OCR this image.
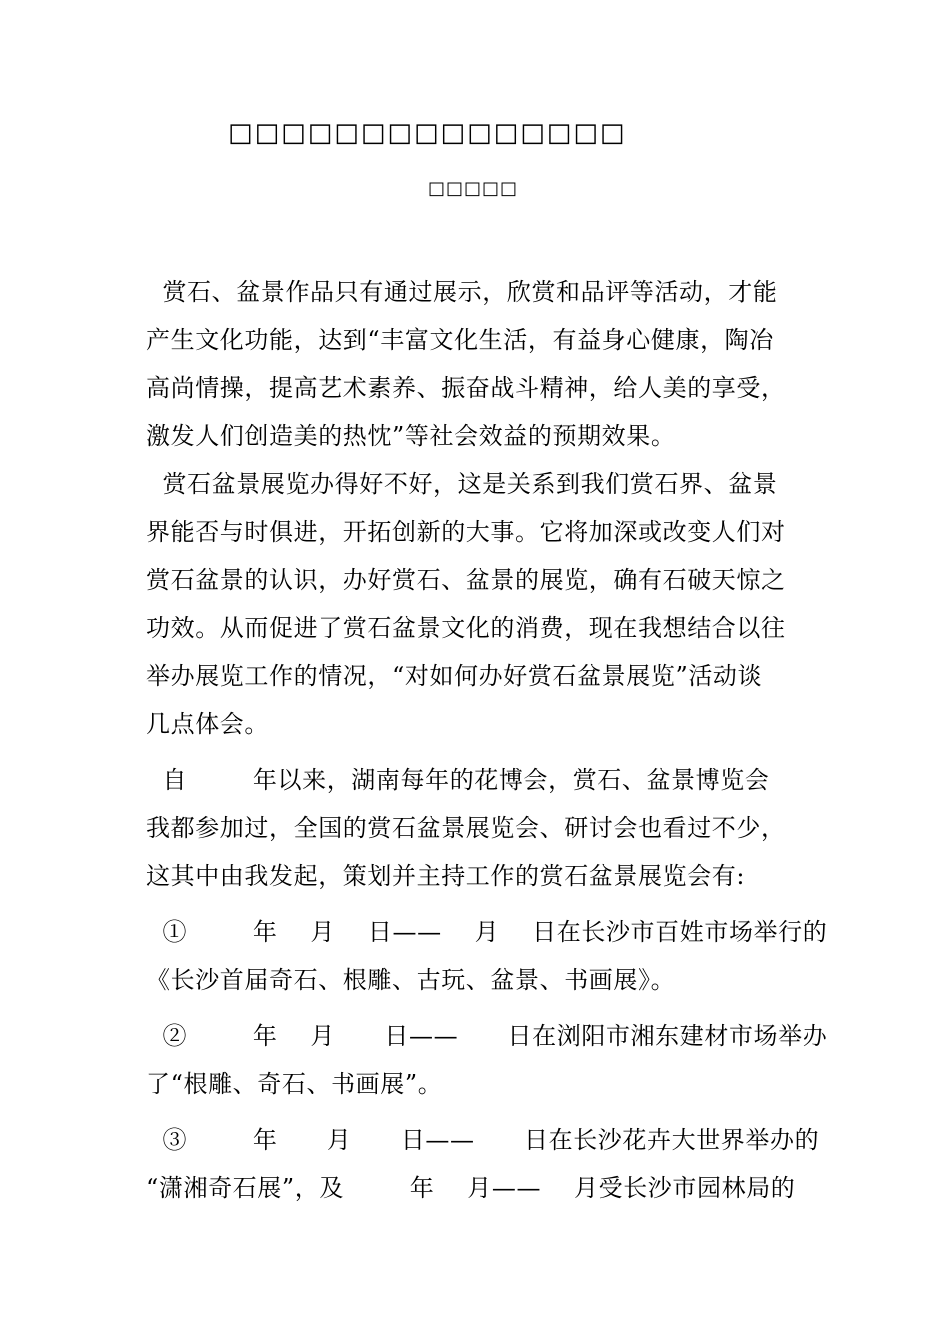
□□□□□□□□□□□□□□□
□□□□□
赏石、盆景作品只有通过展示，欣赏和品评等活动，才能
产生文化功能，达到“丰富文化生活，有益身心健康，陶冶
高尚情操，提高艺术素养、振奋战斗精神，给人美的享受，
激发人们创造美的热忱”等社会效益的预期效果。
赏石盆景展览办得好不好，这是关系到我们赏石界、盆景
界能否与时俱进，开拓创新的大事。它将加深或改变人们对
赏石盆景的认识，办好赏石、盆景的展览，确有石破天惊之
功效。从而促进了赏石盆景文化的消费，现在我想结合以往
举办展览工作的情况，“对如何办好赏石盆景展览”活动谈
几点体会。
自        年以来，湖南每年的花博会，赏石、盆景博览会
我都参加过，全国的赏石盆景展览会、研讨会也看过不少，
这其中由我发起，策划并主持工作的赏石盆景展览会有:
①        年    月    日——    月    日在长沙市百姓市场举行的
《长沙首届奇石、根雕、古玩、盆景、书画展》。
②        年    月      日——      日在浏阳市湘东建材市场举办
了“根雕、奇石、书画展”。
③        年      月      日——      日在长沙花卉大世界举办的
“潇湘奇石展”，及        年    月——    月受长沙市园林局的
